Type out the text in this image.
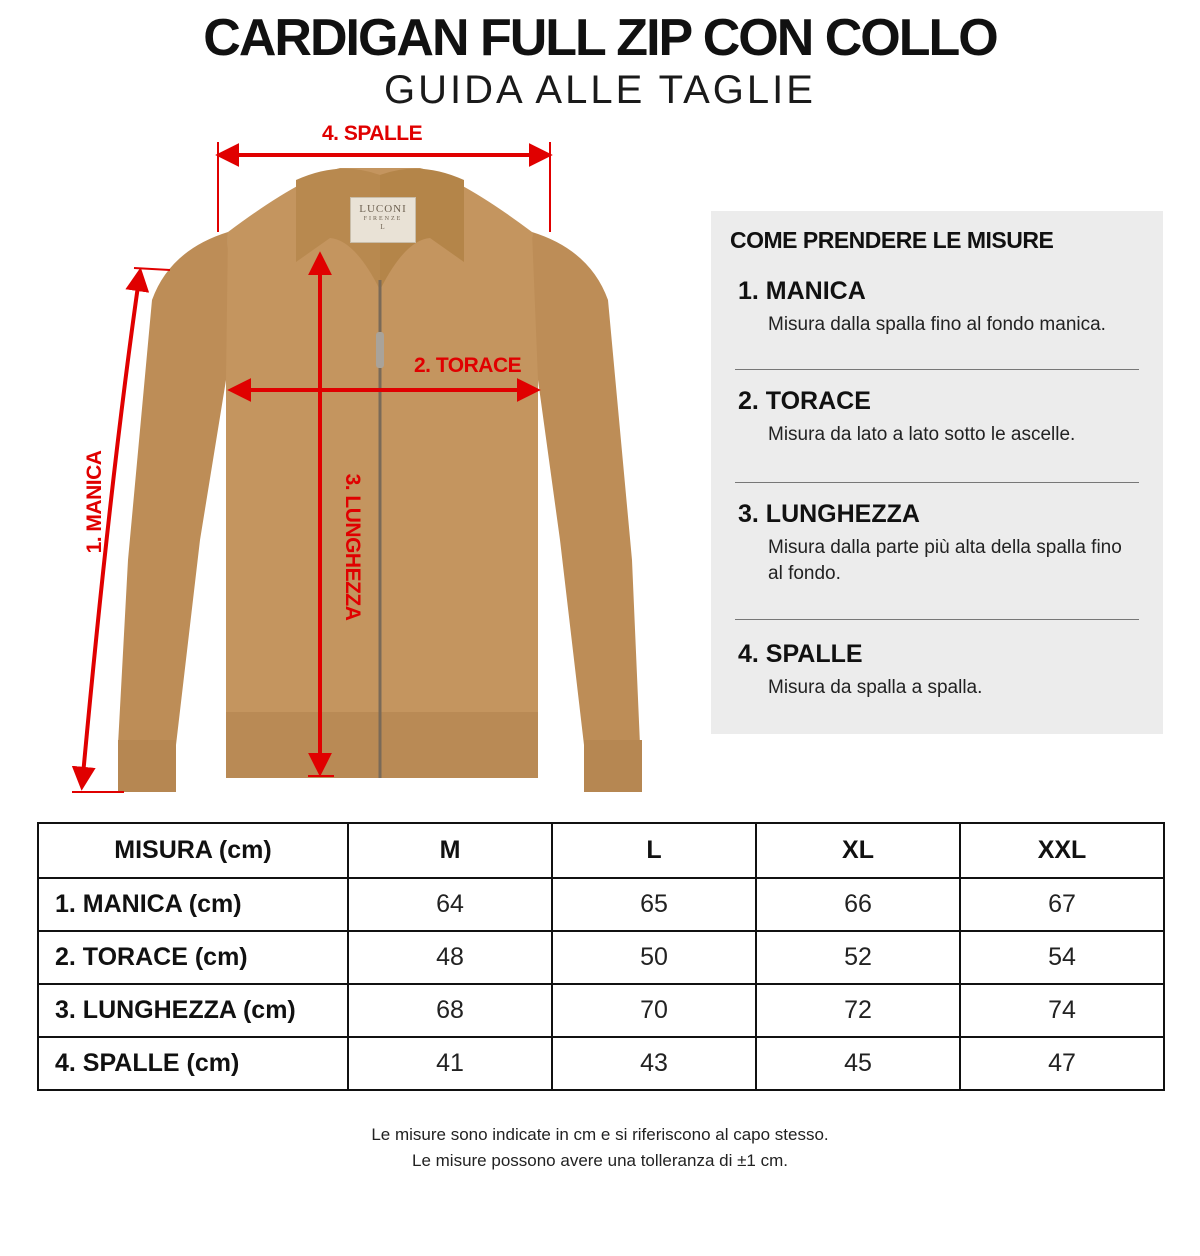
CARDIGAN FULL ZIP CON COLLO
GUIDA ALLE TAGLIE
LUCONI
FIRENZE
L
4. SPALLE
2. TORACE
1. MANICA	3. LUNGHEZZA
COME PRENDERE LE MISURE
1. MANICA
Misura dalla spalla fino al fondo manica.
2. TORACE
Misura da lato a lato sotto le ascelle.
3. LUNGHEZZA
Misura dalla parte più alta della spalla fino al fondo.
4. SPALLE
Misura da spalla a spalla.
MISURA (cm)	M	L	XL	XXL
1. MANICA (cm)	64	65	66	67
2. TORACE (cm)	48	50	52	54
3. LUNGHEZZA (cm)	68	70	72	74
4. SPALLE (cm)	41	43	45	47
Le misure sono indicate in cm e si riferiscono al capo stesso.
Le misure possono avere una tolleranza di ±1 cm.
